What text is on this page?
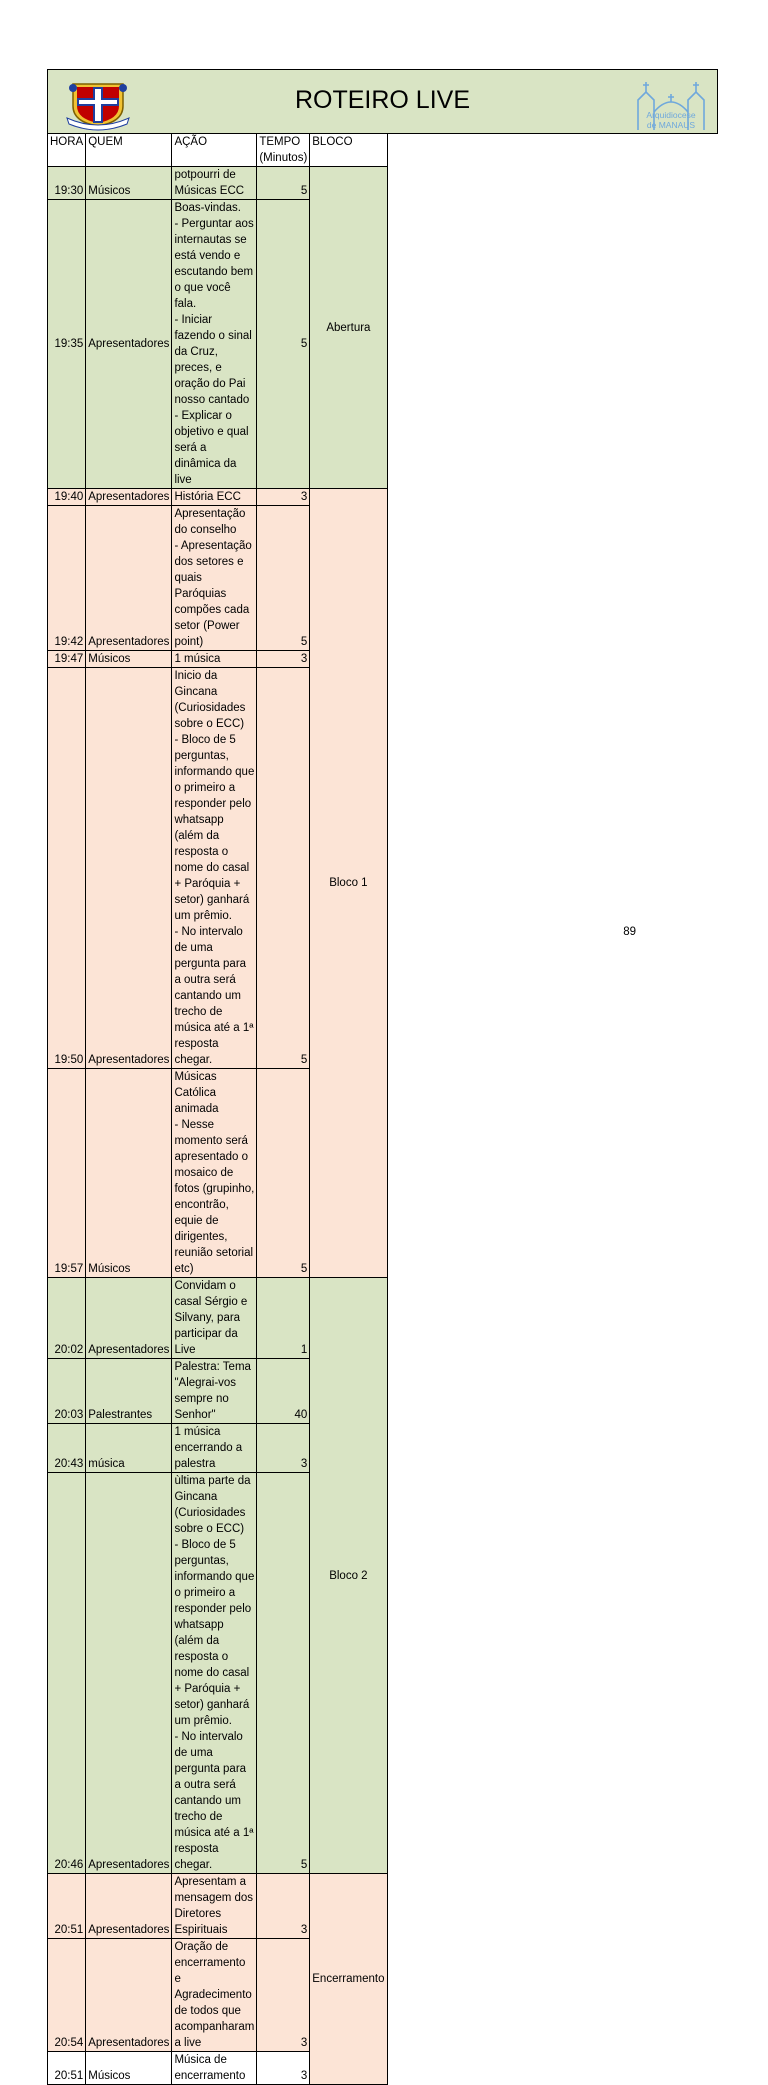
ROTEIRO LIVE
Arquidiocese
de MANAUS
HORA	QUEM	AÇÃO	TEMPO (Minutos)	BLOCO
19:30	Músicos	potpourri de Músicas ECC	5	Abertura
19:35	Apresentadores	Boas-vindas.
- Perguntar aos internautas se está vendo e escutando bem o que você fala.
- Iniciar fazendo o sinal da Cruz, preces, e oração do Pai nosso cantado
- Explicar o objetivo e qual será a dinâmica da live	5	
19:40	Apresentadores	História ECC	3	Bloco 1
19:42	Apresentadores	Apresentação do conselho
- Apresentação dos setores e quais Paróquias compões cada setor (Power point)	5	
19:47	Músicos	1 música	3	
19:50	Apresentadores	Inicio da Gincana (Curiosidades sobre o ECC)
- Bloco de 5 perguntas, informando que o primeiro a responder pelo whatsapp (além da resposta o nome do casal + Paróquia + setor) ganhará um prêmio.
- No intervalo de uma pergunta para a outra será cantando um trecho de música até a 1ª resposta chegar.	5	
19:57	Músicos	Músicas Católica animada
- Nesse momento será apresentado o mosaico de fotos (grupinho, encontrão, equie de dirigentes, reunião setorial etc)	5	
20:02	Apresentadores	Convidam o casal Sérgio e Silvany, para participar da Live	1	Bloco 2
20:03	Palestrantes	Palestra: Tema "Alegrai-vos sempre no Senhor"	40	
20:43	música	1 música encerrando a palestra	3	
20:46	Apresentadores	ùltima parte da Gincana (Curiosidades sobre o ECC)
- Bloco de 5 perguntas, informando que o primeiro a responder pelo whatsapp (além da resposta o nome do casal + Paróquia + setor) ganhará um prêmio.
- No intervalo de uma pergunta para a outra será cantando um trecho de música até a 1ª resposta chegar.	5	
20:51	Apresentadores	Apresentam a mensagem dos Diretores Espirituais	3	Encerramento
20:54	Apresentadores	Oração de encerramento e Agradecimento de todos que acompanharam a live	3	
20:51	Músicos	Música de encerramento	3	
89
